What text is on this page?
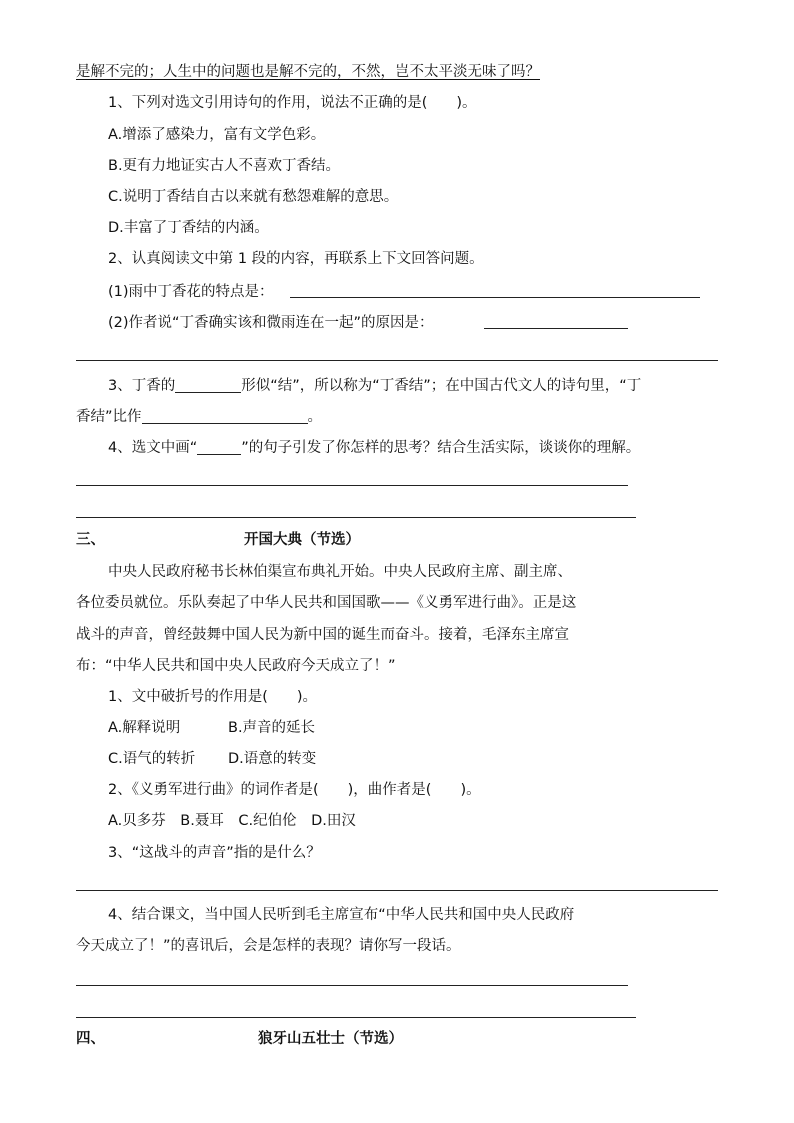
是解不完的；人生中的问题也是解不完的，不然，岂不太平淡无味了吗？
1、下列对选文引用诗句的作用，说法不正确的是(　　)。
A.增添了感染力，富有文学色彩。
B.更有力地证实古人不喜欢丁香结。
C.说明丁香结自古以来就有愁怨难解的意思。
D.丰富了丁香结的内涵。
2、认真阅读文中第 1 段的内容，再联系上下文回答问题。
(1)雨中丁香花的特点是：
(2)作者说“丁香确实该和微雨连在一起”的原因是：
3、丁香的	形似“结”，所以称为“丁香结”；在中国古代文人的诗句里，“丁
香结”比作	。
4、选文中画“	”的句子引发了你怎样的思考？结合生活实际，谈谈你的理解。
三、	开国大典（节选）
中央人民政府秘书长林伯渠宣布典礼开始。中央人民政府主席、副主席、
各位委员就位。乐队奏起了中华人民共和国国歌——《义勇军进行曲》。正是这
战斗的声音，曾经鼓舞中国人民为新中国的诞生而奋斗。接着，毛泽东主席宣
布：“中华人民共和国中央人民政府今天成立了！”
1、文中破折号的作用是(　　)。
A.解释说明	B.声音的延长
C.语气的转折 D.语意的转变
2、《义勇军进行曲》的词作者是(　　)，曲作者是(　　)。
A.贝多芬　B.聂耳　C.纪伯伦　D.田汉
3、“这战斗的声音”指的是什么？
4、结合课文，当中国人民听到毛主席宣布“中华人民共和国中央人民政府
今天成立了！”的喜讯后，会是怎样的表现？请你写一段话。
四、	狼牙山五壮士（节选）
